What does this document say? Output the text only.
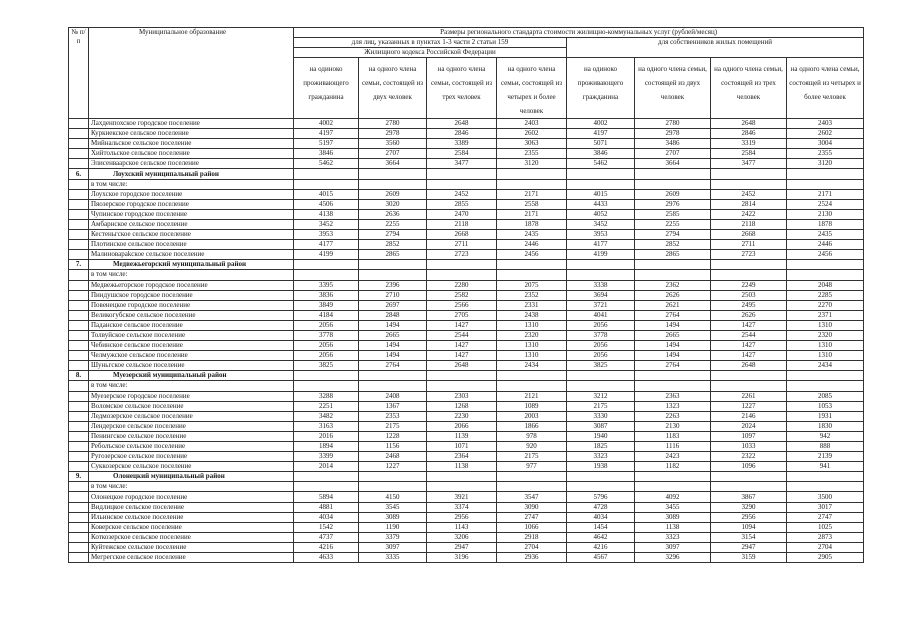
№ п/п	Муниципальное образование	Размеры регионального стандарта стоимости жилищно-коммунальных услуг (рублей/месяц)							
		для лиц, указанных в пунктах 1-3 части 2 статьи 159				для собственников жилых помещений			
		Жилищного кодекса Российской Федерации							
		на одиноко проживающего гражданина	на одного члена семьи, состоящей из двух человек	на одного члена семьи, состоящей из трех человек	на одного члена семьи, состоящей из четырех и более человек	на одиноко проживающего гражданина	на одного члена семьи, состоящей из двух человек	на одного члена семьи, состоящей из трех человек	на одного члена семьи, состоящей из четырех и более человек
	Лахденпохское городское поселение	4002	2780	2648	2403	4002	2780	2648	2403
	Куркиекское сельское поселение	4197	2978	2846	2602	4197	2978	2846	2602
	Мийнальское сельское поселение	5197	3560	3389	3063	5071	3486	3319	3004
	Хийтольское сельское поселение	3846	2707	2584	2355	3846	2707	2584	2355
	Элисенваарское сельское поселение	5462	3664	3477	3120	5462	3664	3477	3120
6.	Лоухский муниципальный район								
	в том числе:								
	Лоухское городское поселение	4015	2609	2452	2171	4015	2609	2452	2171
	Пяозерское городское поселение	4506	3020	2855	2558	4433	2976	2814	2524
	Чупинское городское поселение	4138	2636	2470	2171	4052	2585	2422	2130
	Амбарнское сельское поселение	3452	2255	2118	1878	3452	2255	2118	1878
	Кестеньгское сельское поселение	3953	2794	2668	2435	3953	2794	2668	2435
	Плотинское сельское поселение	4177	2852	2711	2446	4177	2852	2711	2446
	Малиноварakское сельское поселение	4199	2865	2723	2456	4199	2865	2723	2456
7.	Медвежьегорский муниципальный район								
	в том числе:								
	Медвежьегорское городское поселение	3395	2396	2280	2075	3338	2362	2249	2048
	Пиндушское городское поселение	3836	2710	2582	2352	3694	2626	2503	2285
	Повенецкое городское поселение	3849	2697	2566	2331	3721	2621	2495	2270
	Великогубское сельское поселение	4184	2848	2705	2438	4041	2764	2626	2371
	Паданское сельское поселение	2056	1494	1427	1310	2056	1494	1427	1310
	Толвуйское сельское поселение	3778	2665	2544	2320	3778	2665	2544	2320
	Чебинское сельское поселение	2056	1494	1427	1310	2056	1494	1427	1310
	Челмужское сельское поселение	2056	1494	1427	1310	2056	1494	1427	1310
	Шуньгское сельское поселение	3825	2764	2648	2434	3825	2764	2648	2434
8.	Муезерский муниципальный район								
	в том числе:								
	Муезерское городское поселение	3288	2408	2303	2121	3212	2363	2261	2085
	Воломское сельское поселение	2251	1367	1268	1089	2175	1323	1227	1053
	Ледмозерское сельское поселение	3482	2353	2230	2003	3330	2263	2146	1931
	Лендерское сельское поселение	3163	2175	2066	1866	3087	2130	2024	1830
	Пенингское сельское поселение	2016	1228	1139	978	1940	1183	1097	942
	Реболъское сельское поселение	1894	1156	1071	920	1825	1116	1033	888
	Ругозерское сельское поселение	3399	2468	2364	2175	3323	2423	2322	2139
	Суккозерское сельское поселение	2014	1227	1138	977	1938	1182	1096	941
9.	Олонецкий муниципальный район								
	в том числе:								
	Олонецкое городское поселение	5894	4150	3921	3547	5796	4092	3867	3500
	Видлицкое сельское поселение	4881	3545	3374	3090	4728	3455	3290	3017
	Ильинское сельское поселение	4034	3089	2956	2747	4034	3089	2956	2747
	Коверское сельское поселение	1542	1190	1143	1066	1454	1138	1094	1025
	Коткозерское сельское поселение	4737	3379	3206	2918	4642	3323	3154	2873
	Куйтежское сельское поселение	4216	3097	2947	2704	4216	3097	2947	2704
	Мегрегское сельское поселение	4633	3335	3196	2936	4567	3296	3159	2905
